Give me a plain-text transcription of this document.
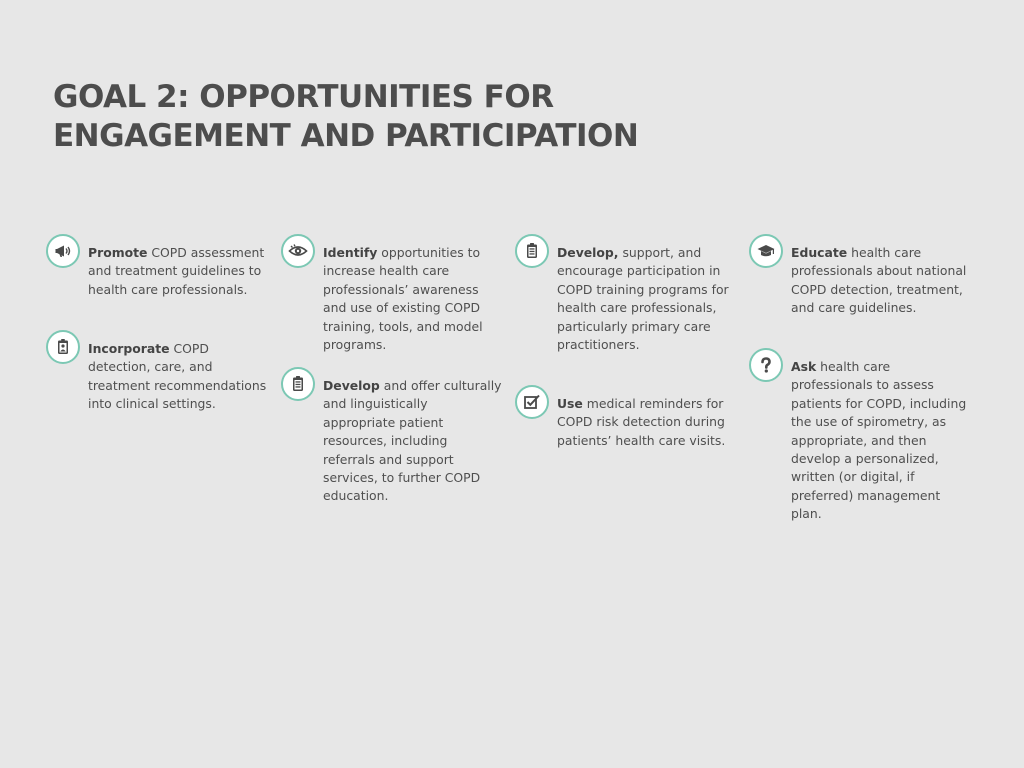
GOAL 2: OPPORTUNITIES FOR
ENGAGEMENT AND PARTICIPATION
Promote COPD assessment and treatment guidelines to health care professionals.
Incorporate COPD detection, care, and treatment recommendations into clinical settings.
Identify opportunities to increase health care professionals’ awareness and use of existing COPD training, tools, and model programs.
Develop and offer culturally and linguistically appropriate patient resources, including referrals and support services, to further COPD education.
Develop, support, and encourage participation in COPD training programs for health care professionals, particularly primary care practitioners.
Use medical reminders for COPD risk detection during patients’ health care visits.
Educate health care professionals about national COPD detection, treatment, and care guidelines.
Ask health care professionals to assess patients for COPD, including the use of spirometry, as appropriate, and then develop a personalized, written (or digital, if preferred) management plan.
